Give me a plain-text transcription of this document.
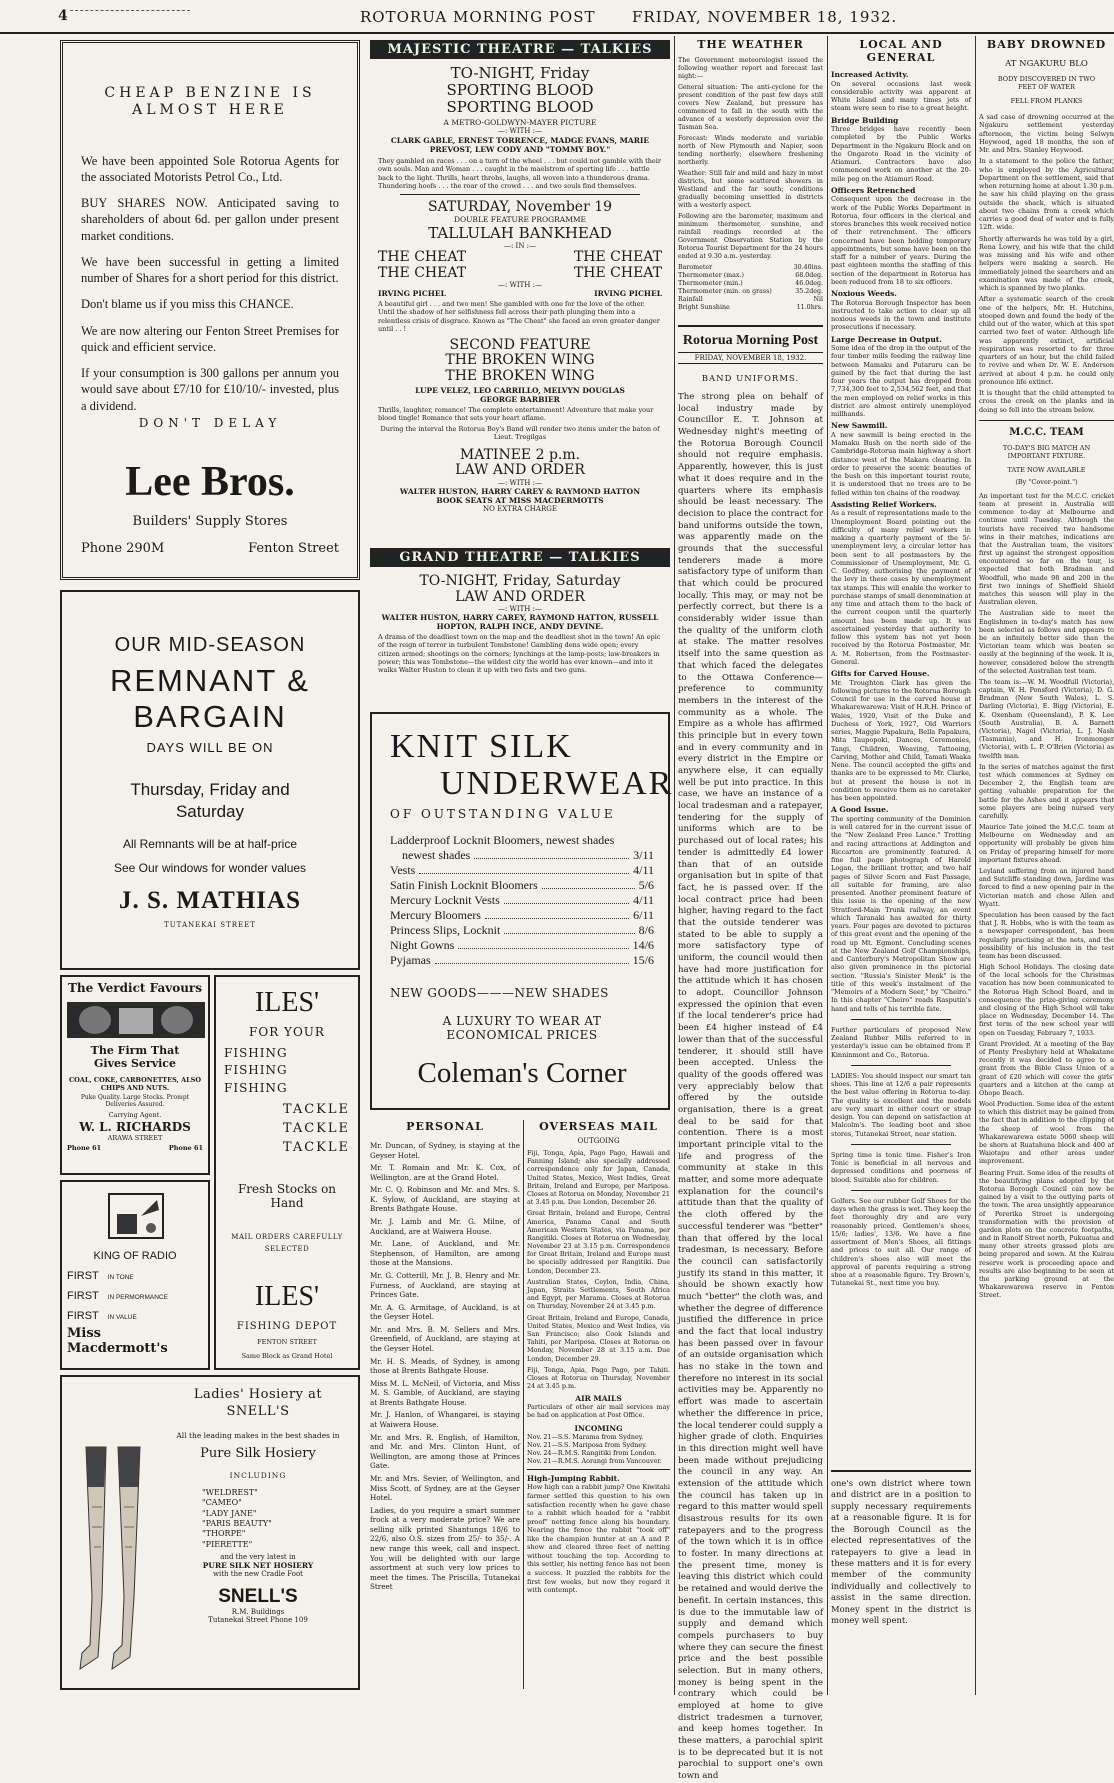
4	ROTORUA MORNING POST FRIDAY, NOVEMBER 18, 1932.
CHEAP BENZINE IS ALMOST HERE

We have been appointed Sole Rotorua Agents for the associated Motorists Petrol Co., Ltd.

BUY SHARES NOW. Anticipated saving to shareholders of about 6d. per gallon under present market conditions.

We have been successful in getting a limited number of Shares for a short period for this district.

Don't blame us if you miss this CHANCE.

We are now altering our Fenton Street Premises for quick and efficient service.

If your consumption is 300 gallons per annum you would save about £7/10 for £10/10/- invested, plus a dividend.

DON'T DELAY
Lee Bros.
Builders' Supply Stores
Phone 290M	Fenton Street
OUR MID-SEASON
REMNANT &
BARGAIN
DAYS WILL BE ON
Thursday, Friday and Saturday
All Remnants will be at half-price
See Our windows for wonder values
J. S. MATHIAS
TUTANEKAI STREET
The Verdict Favours
The Firm That Gives Service
COAL, COKE, CARBONETTES, ALSO CHIPS AND NUTS.
Puke Quality. Large Stocks. Prompt Deliveries Assured.
Carrying Agent.
W. L. RICHARDS
ARAWA STREET
Phone 61	Phone 61
KING OF RADIO
FIRST IN TONE
FIRST IN PERMORMANCE
FIRST IN VALUE
Miss Macdermott's
ILES'
FOR YOUR
FISHING
FISHING
FISHING
TACKLE
TACKLE
TACKLE
Fresh Stocks on Hand
MAIL ORDERS CAREFULLY SELECTED
ILES'
FISHING DEPOT
FENTON STREET
Same Block as Grand Hotel
Ladies' Hosiery at SNELL'S
All the leading makes in the best shades in
Pure Silk Hosiery
INCLUDING
"WELDREST"
"CAMEO"
"LADY JANE"
"PARIS BEAUTY"
"THORPE"
"PIERETTE"
and the very latest in
PURE SILK NET HOSIERY
with the new Cradle Foot
SNELL'S
R.M. Buildings
Tutanekai Street Phone 109
MAJESTIC THEATRE — TALKIES
TO-NIGHT, Friday
SPORTING BLOOD
SPORTING BLOOD
A METRO-GOLDWYN-MAYER PICTURE
—: WITH :—
CLARK GABLE, ERNEST TORRENCE, MADGE EVANS, MARIE PREVOST, LEW CODY AND "TOMMY BOY."
They gambled on races . . . on a turn of the wheel . . . but could not gamble with their own souls. Man and Woman . . . caught in the maelstrom of sporting life . . . battle back to the light. Thrills, heart throbs, laughs, all woven into a thunderous drama. Thundering hoofs . . . the roar of the crowd . . . and two souls find themselves.
SATURDAY, November 19
DOUBLE FEATURE PROGRAMME
TALLULAH BANKHEAD
—: IN :—
THE CHEAT	THE CHEAT
THE CHEAT	THE CHEAT
—: WITH :—
IRVING PICHEL	IRVING PICHEL
A beautiful girl . . . and two men! She gambled with one for the love of the other. Until the shadow of her selfishness fell across their path plunging them into a relentless crisis of disgrace. Known as "The Cheat" she faced an even greater danger until . . !
SECOND FEATURE
THE BROKEN WING
THE BROKEN WING
LUPE VELEZ, LEO CARRILLO, MELVYN DOUGLAS
GEORGE BARBIER
Thrills, laughter, romance! The complete entertainment! Adventure that make your blood tingle! Romance that sets your heart aflame.
During the interval the Rotorua Boy's Band will render two items under the baton of Lieut. Tregilgas
MATINEE 2 p.m.
LAW AND ORDER
—: WITH :—
WALTER HUSTON, HARRY CAREY & RAYMOND HATTON
BOOK SEATS AT MISS MACDERMOTTS
NO EXTRA CHARGE
GRAND THEATRE — TALKIES
TO-NIGHT, Friday, Saturday
LAW AND ORDER
—: WITH :—
WALTER HUSTON, HARRY CAREY, RAYMOND HATTON, RUSSELL HOPTON, RALPH INCE, ANDY DEVINE.
A drama of the deadliest town on the map and the deadliest shot in the town! An epic of the reign of terror in turbulent Tombstone! Gambling dens wide open; every citizen armed; shootings on the corners; lynchings at the lamp-posts; law-breakers in power; this was Tombstone—the wildest city the world has ever known—and into it walks Walter Huston to clean it up with two fists and two guns.
KNIT SILK
UNDERWEAR
OF OUTSTANDING VALUE
Ladderproof Locknit Bloomers, newest shades
newest shades	3/11
Vests	4/11
Satin Finish Locknit Bloomers	5/6
Mercury Locknit Vests	4/11
Mercury Bloomers	6/11
Princess Slips, Locknit	8/6
Night Gowns	14/6
Pyjamas	15/6
NEW GOODS———NEW SHADES
A LUXURY TO WEAR AT ECONOMICAL PRICES
Coleman's Corner
PERSONAL

Mr. Duncan, of Sydney, is staying at the Geyser Hotel.

Mr. T. Romain and Mr. K. Cox, of Wellington, are at the Grand Hotel.

Mr. C. Q. Robinson and Mr. and Mrs. S. K. Sylow, of Auckland, are staying at Brents Bathgate House.

Mr. J. Lamb and Mr. G. Milne, of Auckland, are at Waiwera House.

Mr. Lane, of Auckland, and Mr. Stephenson, of Hamilton, are among those at the Mansions.

Mr. G. Cotterill, Mr. J. B. Henry and Mr. Furness, of Auckland, are staying at Princes Gate.

Mr. A. G. Armitage, of Auckland, is at the Geyser Hotel.

Mr. and Mrs. B. M. Sellers and Mrs. Greenfield, of Auckland, are staying at the Geyser Hotel.

Mr. H. S. Meads, of Sydney, is among those at Brents Bathgate House.

Miss M. L. McNeil, of Victoria, and Miss M. S. Gamble, of Auckland, are staying at Brents Bathgate House.

Mr. J. Hanlon, of Whangarei, is staying at Waiwera House.

Mr. and Mrs. R. English, of Hamilton, and Mr. and Mrs. Clinton Hunt, of Wellington, are among those at Princes Gate.

Mr. and Mrs. Sevier, of Wellington, and Miss Scott, of Sydney, are at the Geyser Hotel.

Ladies, do you require a smart summer frock at a very moderate price? We are selling silk printed Shantungs 18/6 to 22/6, also O.S. sizes from 25/- to 35/-. A new range this week, call and inspect. You will be delighted with our large assortment at such very low prices to meet the times. The Priscilla, Tutanekai Street

OVERSEAS MAIL
OUTGOING

Fiji, Tonga, Apia, Pago Pago, Hawaii and Fanning Island; also specially addressed correspondence only for Japan, Canada, United States, Mexico, West Indies, Great Britain, Ireland and Europe, per Mariposa. Closes at Rotorua on Monday, November 21 at 3.45 p.m. Due London, December 26.

Great Britain, Ireland and Europe, Central America, Panama Canal and South American Western States, via Panama, per Rangitiki. Closes at Rotorua on Wednesday, November 23 at 3.15 p.m. Correspondence for Great Britain, Ireland and Europe must be specially addressed per Rangitiki. Due London, December 23.

Australian States, Ceylon, India, China, Japan, Straits Settlements, South Africa and Egypt, per Marama. Closes at Rotorua on Thursday, November 24 at 3.45 p.m.

Great Britain, Ireland and Europe, Canada, United States, Mexico and West Indies, via San Francisco; also Cook Islands and Tahiti, per Mariposa. Closes at Rotorua on Monday, November 28 at 3.15 a.m. Due London, December 29.

Fiji, Tonga, Apia, Pago Pago, per Tahiti. Closes at Rotorua on Thursday, November 24 at 3.45 p.m.

AIR MAILS
Particulars of other air mail services may be had on application at Post Office.
INCOMING
Nov. 21—S.S. Marama from Sydney.
Nov. 21—S.S. Mariposa from Sydney.
Nov. 24—R.M.S. Rangitiki from London.
Nov. 21—R.M.S. Aorangi from Vancouver.
High-Jumping Rabbit.
How high can a rabbit jump? One Kiwitahi farmer settled this question to his own satisfaction recently when he gave chase to a rabbit which headed for a "rabbit proof" netting fence along his boundary. Nearing the fence the rabbit "took off" like the champion hunter at an A and P. show and cleared three feet of netting without touching the top. According to this settler, his netting fence has not been a success. It puzzled the rabbits for the first few weeks, but now they regard it with contempt.
THE WEATHER

The Government meteorologist issued the following weather report and forecast last night:—

General situation: The anti-cyclone for the present condition of the past few days still covers New Zealand, but pressure has commenced to fall in the south with the advance of a westerly depression over the Tasman Sea.

Forecast: Winds moderate and variable north of New Plymouth and Napier, soon tending northerly; elsewhere freshening northerly.

Weather: Still fair and mild and hazy in most districts, but some scattered showers in Westland and the far south; conditions gradually becoming unsettled in districts with a westerly aspect.

Following are the barometer, maximum and minimum thermometer, sunshine, and rainfall readings recorded at the Government Observation Station by the Rotorua Tourist Department for the 24 hours ended at 9.30 a.m. yesterday.

Barometer	30.40ins.
Thermometer (max.)	68.0deg.
Thermometer (min.)	46.0deg.
Thermometer (min. on grass)	35.2deg.
Rainfall	Nil
Bright Sunshine	11.0hrs.
Rotorua Morning Post
FRIDAY, NOVEMBER 18, 1932.
BAND UNIFORMS.
The strong plea on behalf of local industry made by Councillor E. T. Johnson at Wednesday night's meeting of the Rotorua Borough Council should not require emphasis. Apparently, however, this is just what it does require and in the quarters where its emphasis should be least necessary. The decision to place the contract for band uniforms outside the town, was apparently made on the grounds that the successful tenderers made a more satisfactory type of uniform than that which could be procured locally. This may, or may not be perfectly correct, but there is a considerably wider issue than the quality of the uniform cloth at stake. The matter resolves itself into the same question as that which faced the delegates to the Ottawa Conference—preference to community members in the interest of the community as a whole. The Empire as a whole has affirmed this principle but in every town and in every community and in every district in the Empire or anywhere else, it can equally well be put into practice. In this case, we have an instance of a local tradesman and a ratepayer, tendering for the supply of uniforms which are to be purchased out of local rates; his tender is admittedly £4 lower than that of an outside organisation but in spite of that fact, he is passed over. If the local contract price had been higher, having regard to the fact that the outside tenderer was stated to be able to supply a more satisfactory type of uniform, the council would then have had more justification for the attitude which it has chosen to adopt. Councillor Johnson expressed the opinion that even if the local tenderer's price had been £4 higher instead of £4 lower than that of the successful tenderer, it should still have been accepted. Unless the quality of the goods offered was very appreciably below that offered by the outside organisation, there is a great deal to be said for that contention. There is a most important principle vital to the life and progress of the community at stake in this matter, and some more adequate explanation for the council's attitude than that the quality of the cloth offered by the successful tenderer was "better" than that offered by the local tradesman, is necessary. Before the council can satisfactorily justify its stand in this matter, it should be shown exactly how much "better" the cloth was, and whether the degree of difference justified the difference in price and the fact that local industry has been passed over in favour of an outside organisation which has no stake in the town and therefore no interest in its social activities may be. Apparently no effort was made to ascertain whether the difference in price, the local tenderer could supply a higher grade of cloth. Enquiries in this direction might well have been made without prejudicing the council in any way. An extension of the attitude which the council has taken up in regard to this matter would spell disastrous results for its own ratepayers and to the progress of the town which it is in office to foster. In many directions at the present time, money is leaving this district which could be retained and would derive the benefit. In certain instances, this is due to the immutable law of supply and demand which compels purchasers to buy where they can secure the finest price and the best possible selection. But in many others, money is being spent in the contrary which could be employed at home to give district tradesmen a turnover, and keep homes together. In these matters, a parochial spirit is to be deprecated but it is not parochial to support one's own town and
LOCAL AND GENERAL
Increased Activity.

On several occasions last week considerable activity was apparent at White Island and many times jets of steam were seen to rise to a great height.

Bridge Building

Three bridges have recently been completed by the Public Works Department in the Ngakuru Block and on the Ongaroto Road in the vicinity of Atiamuri. Contractors have also commenced work on another at the 20-mile peg on the Atiamuri Road.

Officers Retrenched

Consequent upon the decrease in the work of the Public Works Department in Rotorua, four officers in the clerical and stores branches this week received notice of their retrenchment. The officers concerned have been holding temporary appointments, but some have been on the staff for a number of years. During the past eighteen months the staffing of this section of the department in Rotorua has been reduced from 18 to six officers.

Noxious Weeds.

The Rotorua Borough Inspector has been instructed to take action to clear up all noxious weeds in the town and institute prosecutions if necessary.

Large Decrease in Output.

Some idea of the drop in the output of the four timber mills feeding the railway line between Mamaku and Putaruru can be gained by the fact that during the last four years the output has dropped from 7,734,300 feet to 2,534,562 feet, and that the men employed on relief works in this district are almost entirely unemployed millhands.

New Sawmill.

A new sawmill is being erected in the Mamaku Bush on the north side of the Cambridge-Rotorua main highway a short distance west of the Makara clearing. In order to preserve the scenic beauties of the bush on this important tourist route, it is understood that no trees are to be felled within ten chains of the roadway.

Assisting Relief Workers.

As a result of representations made to the Unemployment Board pointing out the difficulty of many relief workers in making a quarterly payment of the 5/- unemployment levy, a circular letter has been sent to all postmasters by the Commissioner of Unemployment, Mr. G. C. Godfrey, authorising the payment of the levy in these cases by unemployment tax stamps. This will enable the worker to purchase stamps of small denomination at any time and attach them to the back of the current coupon until the quarterly amount has been made up. It was ascertained yesterday that authority to follow this system has not yet been received by the Rotorua Postmaster, Mr. A. M. Robertson, from the Postmaster-General.

Gifts for Carved House.

Mr. Troughton Clark has given the following pictures to the Rotorua Borough Council for use in the carved house at Whakarewarewa: Visit of H.R.H. Prince of Wales, 1920, Visit of the Duke and Duchess of York, 1927, Old Warriors series, Maggie Papakura, Bella Papakura, Mita Taupopoki, Dances, Ceremonies, Tangi, Children, Weaving, Tattooing, Carving, Mother and Child, Tamati Waaka Nene. The council accepted the gifts and thanks are to be expressed to Mr. Clarke, but at present the house is not in condition to receive them as no caretaker has been appointed.

A Good Issue.

The sporting community of the Dominion is well catered for in the current issue of the "New Zealand Free Lance." Trotting and racing attractions at Addington and Riccarton are prominently featured. A fine full page photograph of Harold Logan, the brilliant trotter, and two half pages of Silver Scorn and Fast Passage, all suitable for framing, are also presented. Another prominent feature of this issue is the opening of the new Stratford-Main Trunk railway, an event which Taranaki has awaited for thirty years. Four pages are devoted to pictures of this great event and the opening of the road up Mt. Egmont. Concluding scenes at the New Zealand Golf Championships, and Canterbury's Metropolitan Show are also given prominence in the pictorial section. "Russia's Sinister Menk" is the title of this week's instalment of the "Memoirs of a Modern Seer," by "Cheiro." In this chapter "Cheiro" reads Rasputin's hand and tells of his terrible fate.

Further particulars of proposed New Zealand Rubber Mills referred to in yesterday's issue can be obtained from P. Kinninmont and Co., Rotorua.

LADIES: You should inspect our smart tan shoes. This line at 12/6 a pair represents the best value offering in Rotorua to-day. The quality is excellent and the models are very smart in either court or strap design. You can depend on satisfaction at Malcolm's. The leading boot and shoe stores, Tutanekai Street, near station.

Spring time is tonic time. Fisher's Iron Tonic is beneficial in all nervous and depressed conditions and poorness of blood. Suitable also for children.

Golfers. See our rubber Golf Shoes for the days when the grass is wet. They keep the feet thoroughly dry and are very reasonably priced. Gentlemen's shoes, 15/6; ladies', 13/6. We have a fine assortment of Men's Shoes, all fittings and prices to suit all. Our range of children's shoes also will meet the approval of parents requiring a strong shoe at a reasonable figure. Try Brown's, Tutanekai St., next time you buy.

one's own district where town and district are in a position to supply necessary requirements at a reasonable figure. It is for the Borough Council as the elected representatives of the ratepayers to give a lead in these matters and it is for every member of the community individually and collectively to assist in the same direction. Money spent in the district is money well spent.
BABY DROWNED
AT NGAKURU BLO
BODY DISCOVERED IN TWO FEET OF WATER
FELL FROM PLANKS

A sad case of drowning occurred at the Ngakuru settlement yesterday afternoon, the victim being Selwyn Heywood, aged 18 months, the son of Mr. and Mrs. Stanley Heywood.

In a statement to the police the father, who is employed by the Agricultural Department on the settlement, said that when returning home at about 1.30 p.m. he saw his child playing on the grass outside the shack, which is situated about two chains from a creek which carries a good deal of water and is fully 12ft. wide.

Shortly afterwards he was told by a girl, Rena Lowry, and his wife that the child was missing and his wife and other helpers were making a search. He immediately joined the searchers and an examination was made of the creek, which is spanned by two planks.

After a systematic search of the creek one of the helpers, Mr. H. Hutchins, stooped down and found the body of the child out of the water, which at this spot carried two feet of water. Although life was apparently extinct, artificial respiration was resorted to for three quarters of an hour, but the child failed to revive and when Dr. W. E. Anderson arrived at about 4 p.m. he could only pronounce life extinct.

It is thought that the child attempted to cross the creek on the planks and in doing so fell into the stream below.

M.C.C. TEAM
TO-DAY'S BIG MATCH AN IMPORTANT FIXTURE.
TATE NOW AVAILABLE
(By "Cover-point.")

An important test for the M.C.C. cricket team at present in Australia will commence to-day at Melbourne and continue until Tuesday. Although the tourists have received two handsome wins in their matches, indications are that the Australian team, the visitors' first up against the strongest opposition encountered so far on the tour, is expected that both Bradman and Woodfull, who made 98 and 200 in the first two innings of Sheffield Shield matches this season will play in the Australian eleven.

The Australian side to meet the Englishmen in to-day's match has now been selected as follows and appears to be an infinitely better side than the Victorian team which was beaten so easily at the beginning of the week. It is, however, considered below the strength of the selected Australian test team.

The team is:—W. M. Woodfull (Victoria), captain, W. H. Ponsford (Victoria), D. G. Bradman (New South Wales), L. S. Darling (Victoria), E. Bigg (Victoria), E. K. Oxenham (Queensland), P. K. Lee (South Australia), B. A. Barnett (Victoria), Nagel (Victoria), L. J. Nash (Tasmania), and H. Ironmonger (Victoria), with L. P. O'Brien (Victoria) as twelfth man.

In the series of matches against the first test which commences at Sydney on December 2, the English team are getting valuable preparation for the battle for the Ashes and it appears that some players are being nursed very carefully.

Maurice Tate joined the M.C.C. team at Melbourne on Wednesday and an opportunity will probably be given him on Friday of preparing himself for more important fixtures ahead.

Leyland suffering from an injured hand and Sutcliffe standing down, Jardine was forced to find a new opening pair in the Victorian match and chose Allen and Wyatt.

Speculation has been caused by the fact that J. R. Hobbs, who is with the team as a newspaper correspondent, has been regularly practising at the nets, and the possibility of his inclusion in the test team has been discussed.

High School Holidays. The closing date of the local schools for the Christmas vacation has now been communicated to the Rotorua High School Board, and in consequence the prize-giving ceremony and closing of the High School will take place on Wednesday, December 14. The first term of the new school year will open on Tuesday, February 7, 1933.

Grant Provided. At a meeting of the Bay of Plenty Presbytery held at Whakatane recently it was decided to agree to a grant from the Bible Class Union of a grant of £20 which will cover the girls' quarters and a kitchen at the camp at Ohope Beach.

Wool Production. Some idea of the extent to which this district may be gained from the fact that in addition to the clipping of the sheep of wool from the Whakarewarewa estate 5060 sheep will be shorn at Ruatahuna block and 400 at Waiotapu and other areas under improvement.

Bearing Fruit. Some idea of the results of the beautifying plans adopted by the Rotorua Borough Council can now be gained by a visit to the outlying parts of the town. The area unsightly appearance of Pererika Street is undergoing transformation with the provision of garden plots on the concrete footpaths, and in Ranolf Street north, Pukuatua and many other streets grassed plots are being prepared and sown. At the Kuirau reserve work is proceeding apace and results are also beginning to be seen at the parking ground at the Whakarewarewa reserve in Fenton Street.
